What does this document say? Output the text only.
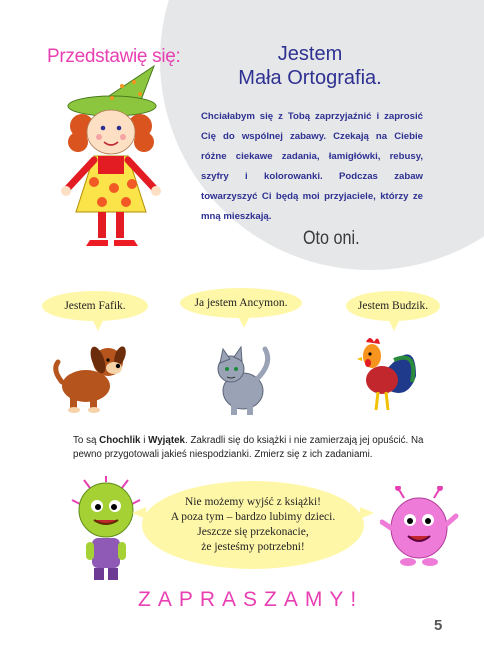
Przedstawię się:	Jestem
Mała Ortografia.

Chciałabym się z Tobą zaprzyjaźnić i zaprosić Cię do wspólnej zabawy. Czekają na Ciebie różne ciekawe zadania, łamigłówki, rebusy, szyfry i kolorowanki. Podczas zabaw towarzyszyć Ci będą moi przyjaciele, którzy ze mną mieszkają.

Oto oni.

Jestem Fafik.	Ja jestem Ancymon.	Jestem Budzik.

To są Chochlik i Wyjątek. Zakradli się do książki i nie zamierzają jej opuścić. Na pewno przygotowali jakieś niespodzianki. Zmierz się z ich zadaniami.

Nie możemy wyjść z książki!
A poza tym – bardzo lubimy dzieci.
Jeszcze się przekonacie,
że jesteśmy potrzebni!
ZAPRASZAMY!
5
